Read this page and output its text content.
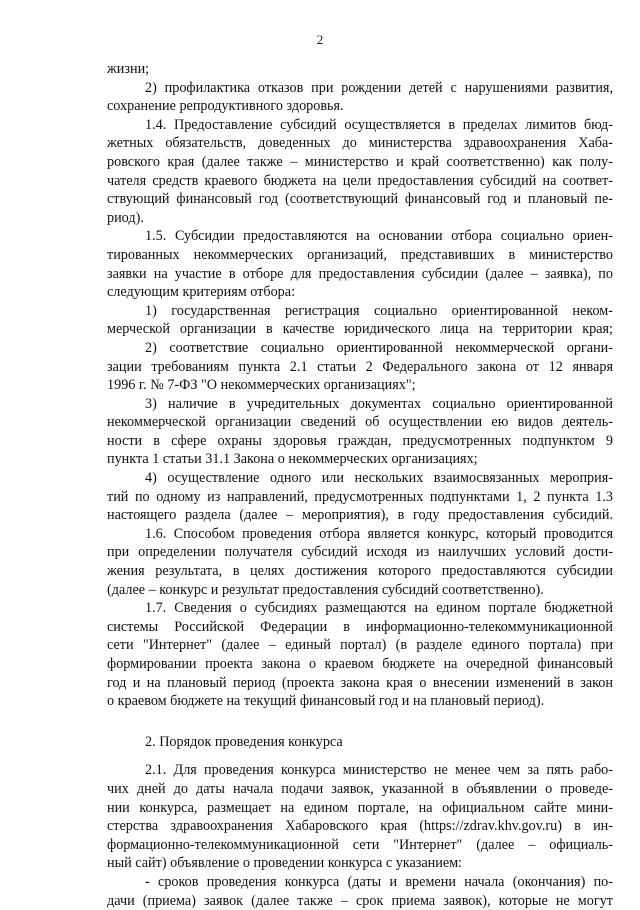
2
жизни;
2) профилактика отказов при рождении детей с нарушениями развития,
сохранение репродуктивного здоровья.
1.4. Предоставление субсидий осуществляется в пределах лимитов бюд-
жетных обязательств, доведенных до министерства здравоохранения Хаба-
ровского края (далее также – министерство и край соответственно) как полу-
чателя средств краевого бюджета на цели предоставления субсидий на соответ-
ствующий финансовый год (соответствующий финансовый год и плановый пе-
риод).
1.5. Субсидии предоставляются на основании отбора социально ориен-
тированных некоммерческих организаций, представивших в министерство
заявки на участие в отборе для предоставления субсидии (далее – заявка), по
следующим критериям отбора:
1) государственная регистрация социально ориентированной неком-
мерческой организации в качестве юридического лица на территории края;
2) соответствие социально ориентированной некоммерческой органи-
зации требованиям пункта 2.1 статьи 2 Федерального закона от 12 января
1996 г. № 7-ФЗ "О некоммерческих организациях";
3) наличие в учредительных документах социально ориентированной
некоммерческой организации сведений об осуществлении ею видов деятель-
ности в сфере охраны здоровья граждан, предусмотренных подпунктом 9
пункта 1 статьи 31.1 Закона о некоммерческих организациях;
4) осуществление одного или нескольких взаимосвязанных мероприя-
тий по одному из направлений, предусмотренных подпунктами 1, 2 пункта 1.3
настоящего раздела (далее – мероприятия), в году предоставления субсидий.
1.6. Способом проведения отбора является конкурс, который проводится
при определении получателя субсидий исходя из наилучших условий дости-
жения результата, в целях достижения которого предоставляются субсидии
(далее – конкурс и результат предоставления субсидий соответственно).
1.7. Сведения о субсидиях размещаются на едином портале бюджетной
системы Российской Федерации в информационно-телекоммуникационной
сети "Интернет" (далее – единый портал) (в разделе единого портала) при
формировании проекта закона о краевом бюджете на очередной финансовый
год и на плановый период (проекта закона края о внесении изменений в закон
о краевом бюджете на текущий финансовый год и на плановый период).
2. Порядок проведения конкурса
2.1. Для проведения конкурса министерство не менее чем за пять рабо-
чих дней до даты начала подачи заявок, указанной в объявлении о проведе-
нии конкурса, размещает на едином портале, на официальном сайте мини-
стерства здравоохранения Хабаровского края (https://zdrav.khv.gov.ru) в ин-
формационно-телекоммуникационной сети "Интернет" (далее – официаль-
ный сайт) объявление о проведении конкурса с указанием:
- сроков проведения конкурса (даты и времени начала (окончания) по-
дачи (приема) заявок (далее также – срок приема заявок), которые не могут
